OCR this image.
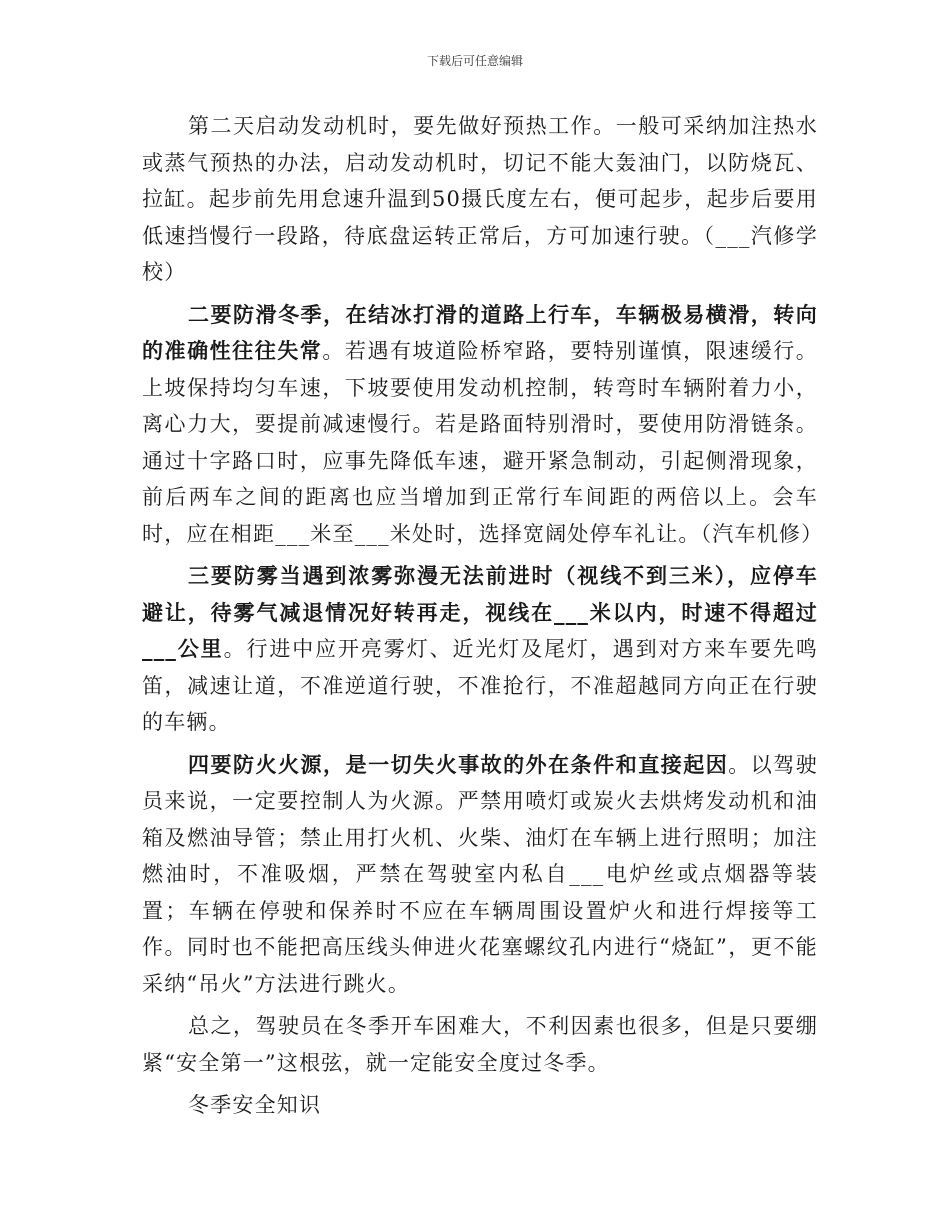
下载后可任意编辑

第二天启动发动机时，要先做好预热工作。一般可采纳加注热水或蒸气预热的办法，启动发动机时，切记不能大轰油门，以防烧瓦、拉缸。起步前先用怠速升温到50摄氏度左右，便可起步，起步后要用低速挡慢行一段路，待底盘运转正常后，方可加速行驶。（___汽修学校）

二要防滑冬季，在结冰打滑的道路上行车，车辆极易横滑，转向的准确性往往失常。若遇有坡道险桥窄路，要特别谨慎，限速缓行。上坡保持均匀车速，下坡要使用发动机控制，转弯时车辆附着力小，离心力大，要提前减速慢行。若是路面特别滑时，要使用防滑链条。通过十字路口时，应事先降低车速，避开紧急制动，引起侧滑现象，前后两车之间的距离也应当增加到正常行车间距的两倍以上。会车时，应在相距___米至___米处时，选择宽阔处停车礼让。（汽车机修）

三要防雾当遇到浓雾弥漫无法前进时（视线不到三米），应停车避让，待雾气减退情况好转再走，视线在___米以内，时速不得超过___公里。行进中应开亮雾灯、近光灯及尾灯，遇到对方来车要先鸣笛，减速让道，不准逆道行驶，不准抢行，不准超越同方向正在行驶的车辆。

四要防火火源，是一切失火事故的外在条件和直接起因。以驾驶员来说，一定要控制人为火源。严禁用喷灯或炭火去烘烤发动机和油箱及燃油导管；禁止用打火机、火柴、油灯在车辆上进行照明；加注燃油时，不准吸烟，严禁在驾驶室内私自___电炉丝或点烟器等装置；车辆在停驶和保养时不应在车辆周围设置炉火和进行焊接等工作。同时也不能把高压线头伸进火花塞螺纹孔内进行“烧缸”，更不能采纳“吊火”方法进行跳火。

总之，驾驶员在冬季开车困难大，不利因素也很多，但是只要绷紧“安全第一”这根弦，就一定能安全度过冬季。

冬季安全知识
